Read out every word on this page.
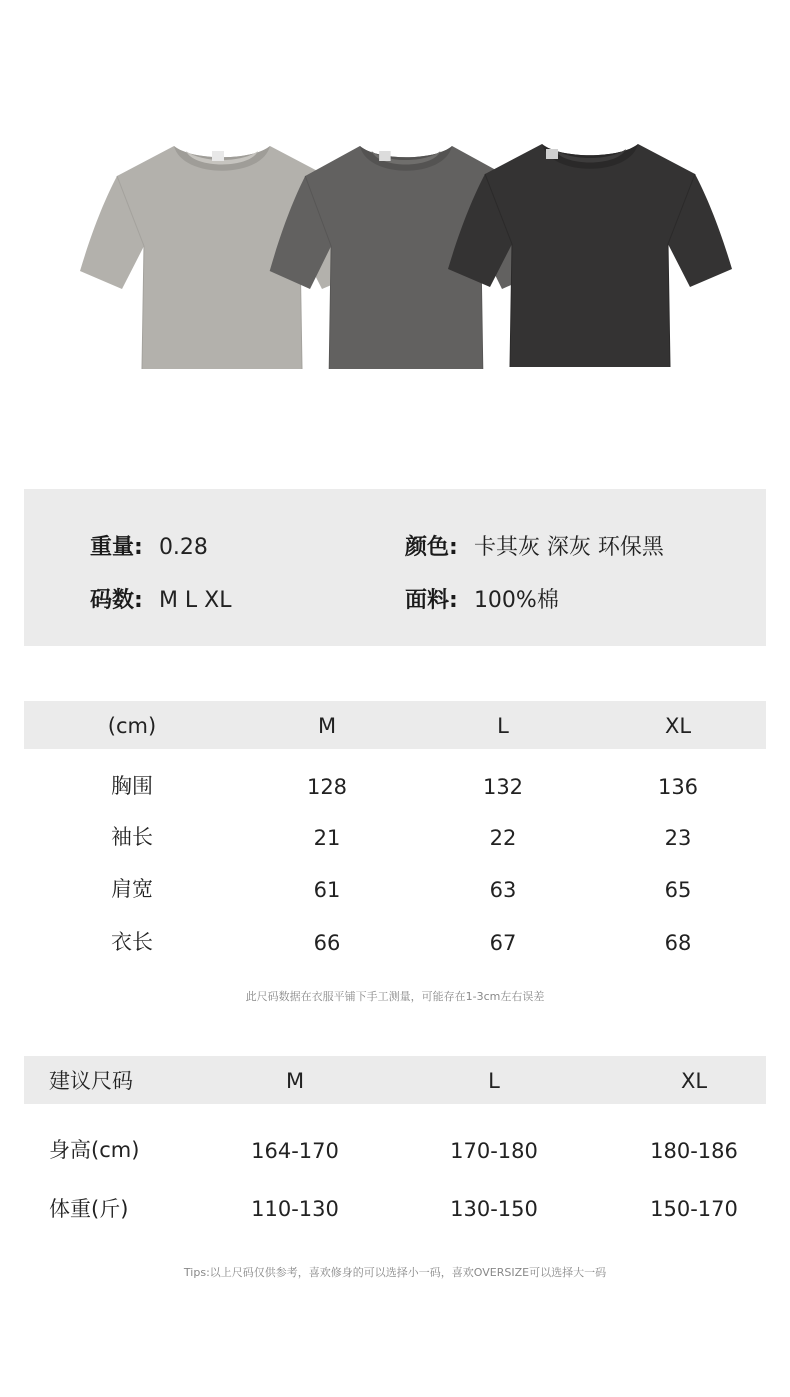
重量: 0.28	颜色: 卡其灰 深灰 环保黑
码数: M L XL	面料: 100%棉
(cm)	M	L	XL
胸围	128	132	136
袖长	21	22	23
肩宽	61	63	65
衣长	66	67	68
此尺码数据在衣服平铺下手工测量，可能存在1-3cm左右误差
建议尺码	M	L	XL
身高(cm)	164-170	170-180	180-186
体重(斤)	110-130	130-150	150-170
Tips:以上尺码仅供参考，喜欢修身的可以选择小一码，喜欢OVERSIZE可以选择大一码
